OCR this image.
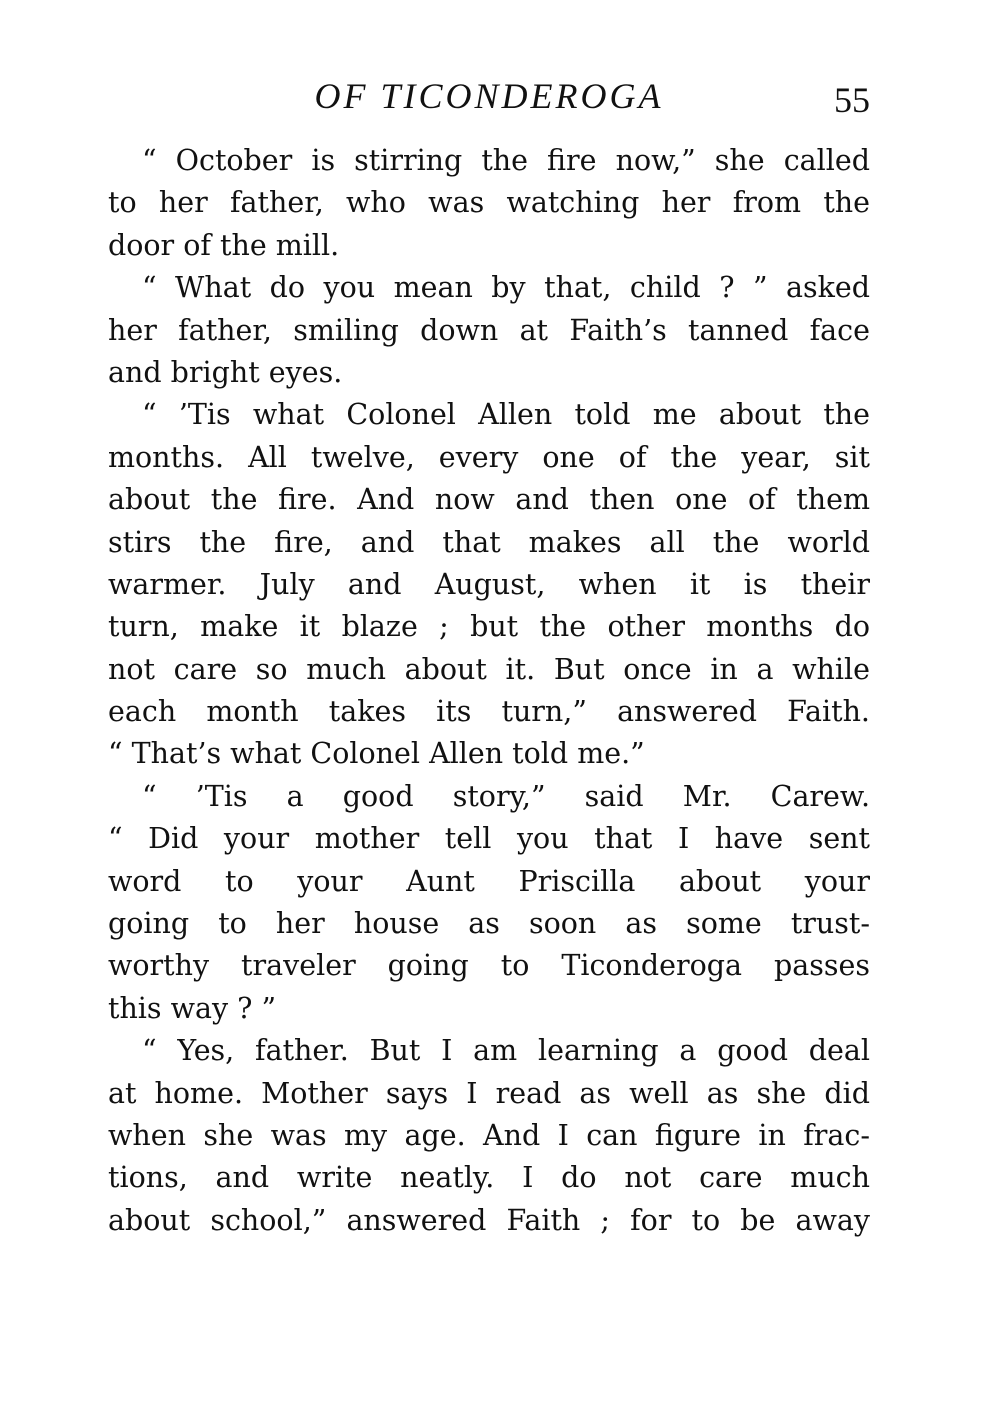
OF TICONDEROGA	55
“ October is stirring the fire now,” she called
to her father, who was watching her from the
door of the mill.
“ What do you mean by that, child ? ” asked
her father, smiling down at Faith’s tanned face
and bright eyes.
“ ’Tis what Colonel Allen told me about the
months. All twelve, every one of the year, sit
about the fire. And now and then one of them
stirs the fire, and that makes all the world
warmer. July and August, when it is their
turn, make it blaze ; but the other months do
not care so much about it. But once in a while
each month takes its turn,” answered Faith.
“ That’s what Colonel Allen told me.”
“ ’Tis a good story,” said Mr. Carew.
“ Did your mother tell you that I have sent
word to your Aunt Priscilla about your
going to her house as soon as some trust-
worthy traveler going to Ticonderoga passes
this way ? ”
“ Yes, father. But I am learning a good deal
at home. Mother says I read as well as she did
when she was my age. And I can figure in frac-
tions, and write neatly. I do not care much
about school,” answered Faith ; for to be away
